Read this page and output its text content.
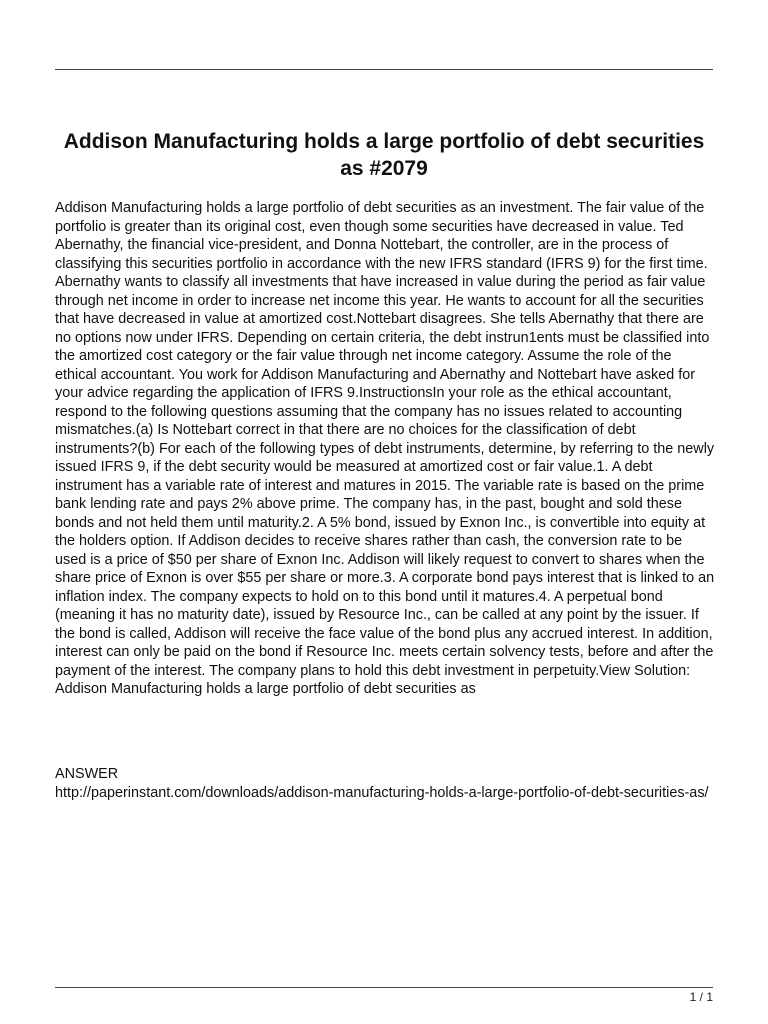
Addison Manufacturing holds a large portfolio of debt securities as #2079

Addison Manufacturing holds a large portfolio of debt securities as an investment. The fair value of the portfolio is greater than its original cost, even though some securities have decreased in value. Ted Abernathy, the financial vice-president, and Donna Nottebart, the controller, are in the process of classifying this securities portfolio in accordance with the new IFRS standard (IFRS 9) for the first time. Abernathy wants to classify all investments that have increased in value during the period as fair value through net income in order to increase net income this year. He wants to account for all the securities that have decreased in value at amortized cost.Nottebart disagrees. She tells Abernathy that there are no options now under IFRS. Depending on certain criteria, the debt instrun1ents must be classified into the amortized cost category or the fair value through net income category. Assume the role of the ethical accountant. You work for Addison Manufacturing and Abernathy and Nottebart have asked for your advice regarding the application of IFRS 9.InstructionsIn your role as the ethical accountant, respond to the following questions assuming that the company has no issues related to accounting mismatches.(a) Is Nottebart correct in that there are no choices for the classification of debt instruments?(b) For each of the following types of debt instruments, determine, by referring to the newly issued IFRS 9, if the debt security would be measured at amortized cost or fair value.1. A debt instrument has a variable rate of interest and matures in 2015. The variable rate is based on the prime bank lending rate and pays 2% above prime. The company has, in the past, bought and sold these bonds and not held them until maturity.2. A 5% bond, issued by Exnon Inc., is convertible into equity at the holders option. If Addison decides to receive shares rather than cash, the conversion rate to be used is a price of $50 per share of Exnon Inc. Addison will likely request to convert to shares when the share price of Exnon is over $55 per share or more.3. A corporate bond pays interest that is linked to an inflation index. The company expects to hold on to this bond until it matures.4. A perpetual bond (meaning it has no maturity date), issued by Resource Inc., can be called at any point by the issuer. If the bond is called, Addison will receive the face value of the bond plus any accrued interest. In addition, interest can only be paid on the bond if Resource Inc. meets certain solvency tests, before and after the payment of the interest. The company plans to hold this debt investment in perpetuity.View Solution:

Addison Manufacturing holds a large portfolio of debt securities as

ANSWER

http://paperinstant.com/downloads/addison-manufacturing-holds-a-large-portfolio-of-debt-securities-as/

1 / 1
